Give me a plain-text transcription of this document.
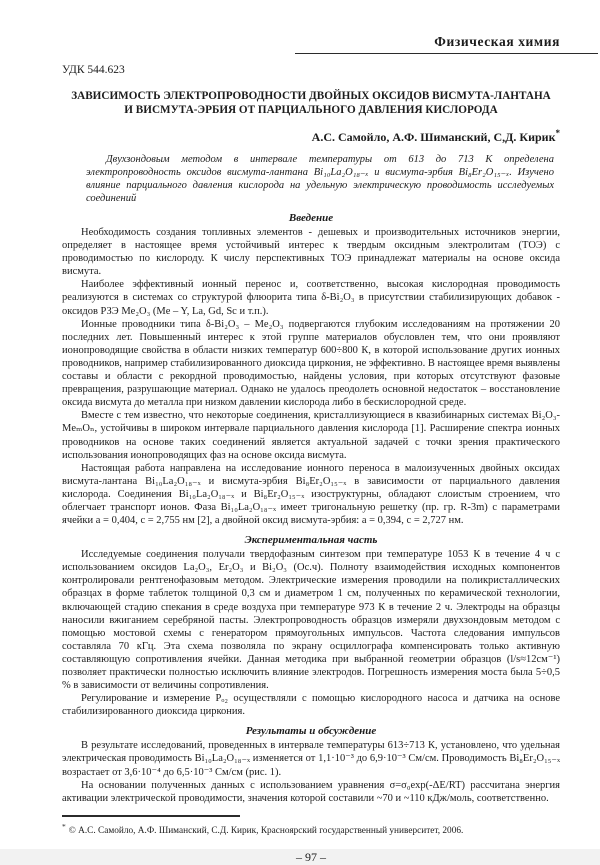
Физическая химия
УДК 544.623
ЗАВИСИМОСТЬ ЭЛЕКТРОПРОВОДНОСТИ ДВОЙНЫХ ОКСИДОВ ВИСМУТА-ЛАНТАНА
И ВИСМУТА-ЭРБИЯ ОТ ПАРЦИАЛЬНОГО ДАВЛЕНИЯ КИСЛОРОДА
А.С. Самойло, А.Ф. Шиманский, С,Д. Кирик*

Двухзондовым методом в интервале температуры от 613 до 713 К определена электропроводность оксидов висмута-лантана Bi₁₀La₂O₁₈₋ₓ и висмута-эрбия Bi₈Er₂O₁₅₋ₓ. Изучено влияние парциального давления кислорода на удельную электрическую проводимость исследуемых соединений

Введение

Необходимость создания топливных элементов - дешевых и производительных источников энергии, определяет в настоящее время устойчивый интерес к твердым оксидным электролитам (ТОЭ) с проводимостью по кислороду. К числу перспективных ТОЭ принадлежат материалы на основе оксида висмута.

Наиболее эффективный ионный перенос и, соответственно, высокая кислородная проводимость реализуются в системах со структурой флюорита типа δ-Bi₂O₃ в присутствии стабилизирующих добавок - оксидов РЗЭ Me₂O₃ (Me – Y, La, Gd, Sc и т.п.).

Ионные проводники типа δ-Bi₂O₃ – Me₂O₃ подвергаются глубоким исследованиям на протяжении 20 последних лет. Повышенный интерес к этой группе материалов обусловлен тем, что они проявляют ионопроводящие свойства в области низких температур 600÷800 К, в которой использование других ионных проводников, например стабилизированного диоксида циркония, не эффективно. В настоящее время выявлены составы и области с рекордной проводимостью, найдены условия, при которых отсутствуют фазовые превращения, разрушающие материал. Однако не удалось преодолеть основной недостаток – восстановление оксида висмута до металла при низком давлении кислорода либо в бескислородной среде.

Вместе с тем известно, что некоторые соединения, кристаллизующиеся в квазибинарных системах Bi₂O₃-MeₘOₙ, устойчивы в широком интервале парциального давления кислорода [1]. Расширение спектра ионных проводников на основе таких соединений является актуальной задачей с точки зрения практического использования ионопроводящих фаз на основе оксида висмута.

Настоящая работа направлена на исследование ионного переноса в малоизученных двойных оксидах висмута-лантана Bi₁₀La₂O₁₈₋ₓ и висмута-эрбия Bi₈Er₂O₁₅₋ₓ в зависимости от парциального давления кислорода. Соединения Bi₁₀La₂O₁₈₋ₓ и Bi₈Er₂O₁₅₋ₓ изоструктурны, обладают слоистым строением, что облегчает транспорт ионов. Фаза Bi₁₀La₂O₁₈₋ₓ имеет тригональную решетку (пр. гр. R-3m) с параметрами ячейки a = 0,404, c = 2,755 нм [2], а двойной оксид висмута-эрбия: a = 0,394, c = 2,727 нм.

Экспериментальная часть

Исследуемые соединения получали твердофазным синтезом при температуре 1053 К в течение 4 ч с использованием оксидов La₂O₃, Er₂O₃ и Bi₂O₃ (Ос.ч). Полноту взаимодействия исходных компонентов контролировали рентгенофазовым методом. Электрические измерения проводили на поликристаллических образцах в форме таблеток толщиной 0,3 см и диаметром 1 см, полученных по керамической технологии, включающей стадию спекания в среде воздуха при температуре 973 К в течение 2 ч. Электроды на образцы наносили вжиганием серебряной пасты. Электропроводность образцов измеряли двухзондовым методом с помощью мостовой схемы с генератором прямоугольных импульсов. Частота следования импульсов составляла 70 кГц. Эта схема позволяла по экрану осциллографа компенсировать только активную составляющую сопротивления ячейки. Данная методика при выбранной геометрии образцов (l/s≈12см⁻¹) позволяет практически полностью исключить влияние электродов. Погрешность измерения моста была 5÷0,5 % в зависимости от величины сопротивления.

Регулирование и измерение Pₒ₂ осуществляли с помощью кислородного насоса и датчика на основе стабилизированного диоксида циркония.

Результаты и обсуждение

В результате исследований, проведенных в интервале температуры 613÷713 К, установлено, что удельная электрическая проводимость Bi₁₀La₂O₁₈₋ₓ изменяется от 1,1·10⁻³ до 6,9·10⁻³ См/см. Проводимость Bi₈Er₂O₁₅₋ₓ возрастает от 3,6·10⁻⁴ до 6,5·10⁻³ См/см (рис. 1).

На основании полученных данных с использованием уравнения σ=σ₀exp(-ΔE/RT) рассчитана энергия активации электрической проводимости, значения которой составили ~70 и ~110 кДж/моль, соответственно.

* © А.С. Самойло, А.Ф. Шиманский, С.Д. Кирик, Красноярский государственный университет, 2006.
– 97 –
